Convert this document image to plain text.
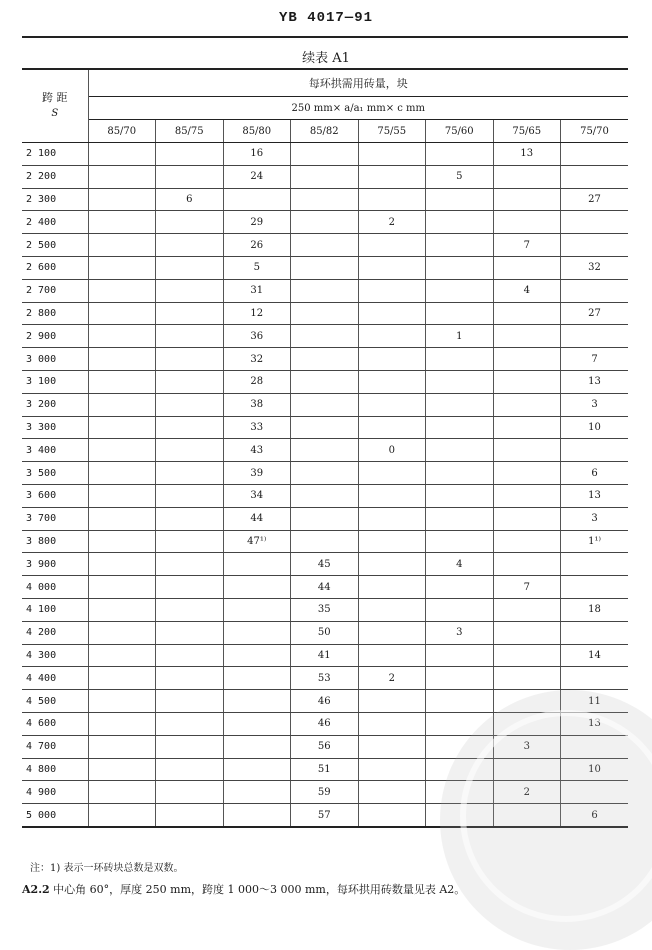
YB 4017—91
续表 A1
跨 距
S	每环拱需用砖量，块							
	250 mm× a/a₁ mm× c mm							
	85/70	85/75	85/80	85/82	75/55	75/60	75/65	75/70
2 100			16				13	
2 200			24			5		
2 300		6						27
2 400			29		2			
2 500			26				7	
2 600			5					32
2 700			31				4	
2 800			12					27
2 900			36			1		
3 000			32					7
3 100			28					13
3 200			38					3
3 300			33					10
3 400			43		0			
3 500			39					6
3 600			34					13
3 700			44					3
3 800			47¹⁾					1¹⁾
3 900				45		4		
4 000				44			7	
4 100				35				18
4 200				50		3		
4 300				41				14
4 400				53	2			
4 500				46				11
4 600				46				13
4 700				56			3	
4 800				51				10
4 900				59			2	
5 000				57				6
注：1) 表示一环砖块总数是双数。
A2.2 中心角 60°，厚度 250 mm，跨度 1 000～3 000 mm，每环拱用砖数量见表 A2。
